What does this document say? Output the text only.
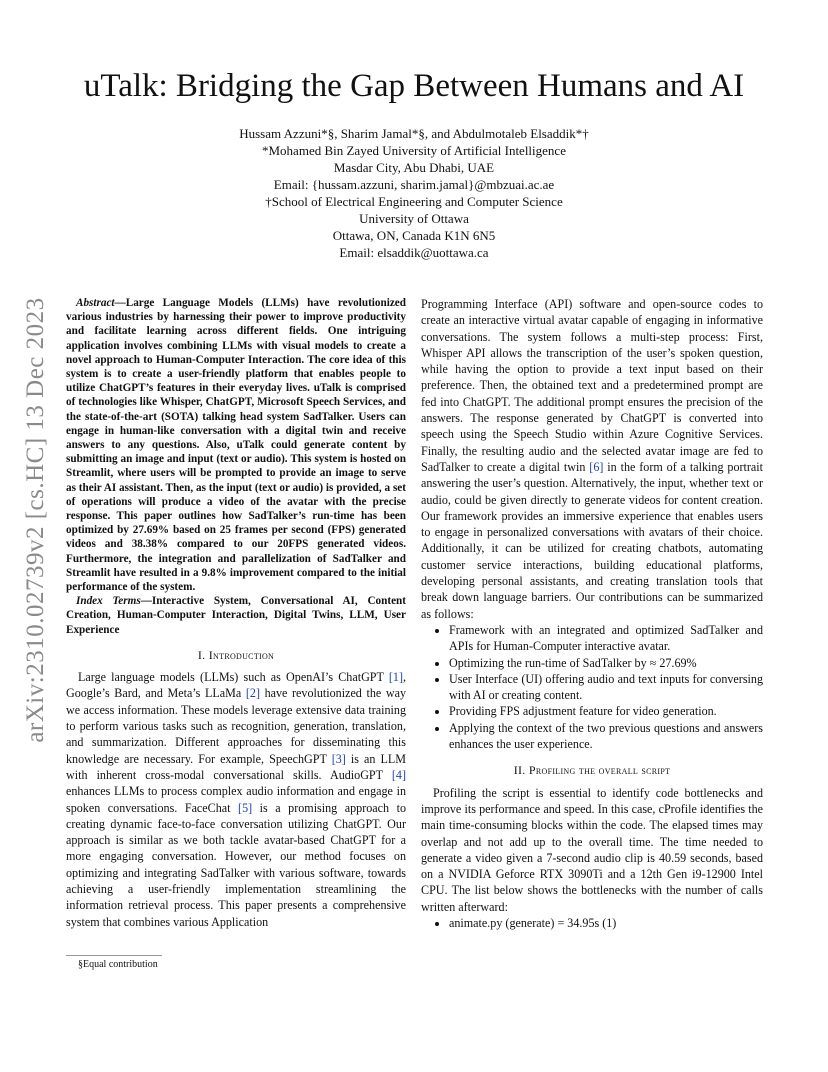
arXiv:2310.02739v2 [cs.HC] 13 Dec 2023
uTalk: Bridging the Gap Between Humans and AI
Hussam Azzuni*§, Sharim Jamal*§, and Abdulmotaleb Elsaddik*†
*Mohamed Bin Zayed University of Artificial Intelligence
Masdar City, Abu Dhabi, UAE
Email: {hussam.azzuni, sharim.jamal}@mbzuai.ac.ae
†School of Electrical Engineering and Computer Science
University of Ottawa
Ottawa, ON, Canada K1N 6N5
Email: elsaddik@uottawa.ca

Abstract—Large Language Models (LLMs) have revolutionized various industries by harnessing their power to improve productivity and facilitate learning across different fields. One intriguing application involves combining LLMs with visual models to create a novel approach to Human-Computer Interaction. The core idea of this system is to create a user-friendly platform that enables people to utilize ChatGPT’s features in their everyday lives. uTalk is comprised of technologies like Whisper, ChatGPT, Microsoft Speech Services, and the state-of-the-art (SOTA) talking head system SadTalker. Users can engage in human-like conversation with a digital twin and receive answers to any questions. Also, uTalk could generate content by submitting an image and input (text or audio). This system is hosted on Streamlit, where users will be prompted to provide an image to serve as their AI assistant. Then, as the input (text or audio) is provided, a set of operations will produce a video of the avatar with the precise response. This paper outlines how SadTalker’s run-time has been optimized by 27.69% based on 25 frames per second (FPS) generated videos and 38.38% compared to our 20FPS generated videos. Furthermore, the integration and parallelization of SadTalker and Streamlit have resulted in a 9.8% improvement compared to the initial performance of the system.

Index Terms—Interactive System, Conversational AI, Content Creation, Human-Computer Interaction, Digital Twins, LLM, User Experience

I. Introduction

Large language models (LLMs) such as OpenAI’s ChatGPT [ 1 ] , Google’s Bard, and Meta’s LLaMa [ 2 ] have revolutionized the way we access information. These models leverage extensive data training to perform various tasks such as recognition, generation, translation, and summarization. Different approaches for disseminating this knowledge are necessary. For example, SpeechGPT [ 3 ] is an LLM with inherent cross-modal conversational skills. AudioGPT [ 4 ] enhances LLMs to process complex audio information and engage in spoken conversations. FaceChat [ 5 ] is a promising approach to creating dynamic face-to-face conversation utilizing ChatGPT. Our approach is similar as we both tackle avatar-based ChatGPT for a more engaging conversation. However, our method focuses on optimizing and integrating SadTalker with various software, towards achieving a user-friendly implementation streamlining the information retrieval process. This paper presents a comprehensive system that combines various Application

Programming Interface (API) software and open-source codes to create an interactive virtual avatar capable of engaging in informative conversations. The system follows a multi-step process: First, Whisper API allows the transcription of the user’s spoken question, while having the option to provide a text input based on their preference. Then, the obtained text and a predetermined prompt are fed into ChatGPT. The additional prompt ensures the precision of the answers. The response generated by ChatGPT is converted into speech using the Speech Studio within Azure Cognitive Services. Finally, the resulting audio and the selected avatar image are fed to SadTalker to create a digital twin [ 6 ] in the form of a talking portrait answering the user’s question. Alternatively, the input, whether text or audio, could be given directly to generate videos for content creation. Our framework provides an immersive experience that enables users to engage in personalized conversations with avatars of their choice. Additionally, it can be utilized for creating chatbots, automating customer service interactions, building educational platforms, developing personal assistants, and creating translation tools that break down language barriers. Our contributions can be summarized as follows:

• Framework with an integrated and optimized SadTalker and APIs for Human-Computer interactive avatar.
• Optimizing the run-time of SadTalker by ≈ 27.69%
• User Interface (UI) offering audio and text inputs for conversing with AI or creating content.
• Providing FPS adjustment feature for video generation.
• Applying the context of the two previous questions and answers enhances the user experience.
II. Profiling the overall script

Profiling the script is essential to identify code bottlenecks and improve its performance and speed. In this case, cProfile identifies the main time-consuming blocks within the code. The elapsed times may overlap and not add up to the overall time. The time needed to generate a video given a 7-second audio clip is 40.59 seconds, based on a NVIDIA Geforce RTX 3090Ti and a 12th Gen i9-12900 Intel CPU. The list below shows the bottlenecks with the number of calls written afterward:

• animate.py (generate) = 34.95s (1)
§Equal contribution
